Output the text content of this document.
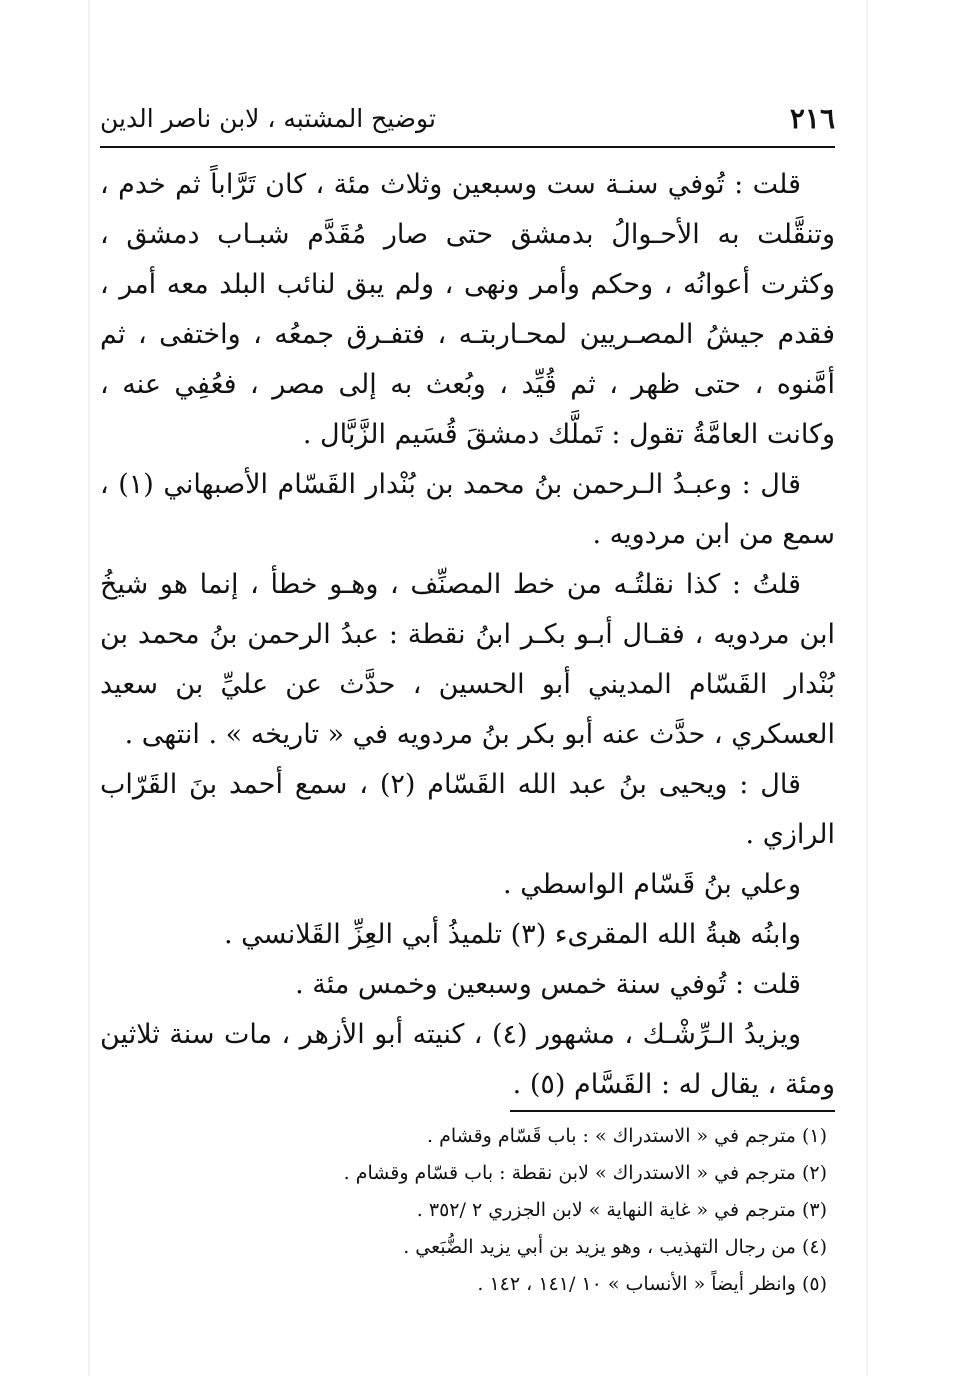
٢١٦
توضيح المشتبه ، لابن ناصر الدين

قلت : تُوفي سنـة ست وسبعين وثلاث مئة ، كان تَرَّاباً ثم خدم ، وتنقَّلت به الأحـوالُ بدمشق حتى صار مُقَدَّم شبـاب دمشق ، وكثرت أعوانُه ، وحكم وأمر ونهى ، ولم يبق لنائب البلد معه أمر ، فقدم جيشُ المصـريين لمحـاربتـه ، فتفـرق جمعُه ، واختفى ، ثم أمَّنوه ، حتى ظهر ، ثم قُيِّد ، وبُعث به إلى مصر ، فعُفِي عنه ، وكانت العامَّةُ تقول : تَملَّك دمشقَ قُسَيم الزَّبَّال .

قال : وعبـدُ الـرحمن بنُ محمد بن بُنْدار القَسّام الأصبهاني (١) ، سمع من ابن مردويه .

قلتُ : كذا نقلتُـه من خط المصنِّف ، وهـو خطأ ، إنما هو شيخُ ابن مردويه ، فقـال أبـو بكـر ابنُ نقطة : عبدُ الرحمن بنُ محمد بن بُنْدار القَسّام المديني أبو الحسين ، حدَّث عن عليِّ بن سعيد العسكري ، حدَّث عنه أبو بكر بنُ مردويه في « تاريخه » . انتهى .

قال : ويحيى بنُ عبد الله القَسّام (٢) ، سمع أحمد بنَ القَرّاب الرازي .

وعلي بنُ قَسّام الواسطي .

وابنُه هبةُ الله المقرىء (٣) تلميذُ أبي العِزِّ القَلانسي .

قلت : تُوفي سنة خمس وسبعين وخمس مئة .

ويزيدُ الـرِّشْـك ، مشهور (٤) ، كنيته أبو الأزهر ، مات سنة ثلاثين ومئة ، يقال له : القَسَّام (٥) .

(١)مترجم في « الاستدراك » : باب قَسّام وقشام .

(٢)مترجم في « الاستدراك » لابن نقطة : باب قسّام وقشام .

(٣)مترجم في « غاية النهاية » لابن الجزري ٢ /٣٥٢ .

(٤)من رجال التهذيب ، وهو يزيد بن أبي يزيد الضُّبَعي .

(٥)وانظر أيضاً « الأنساب » ١٠ /١٤١ ، ١٤٢ .
